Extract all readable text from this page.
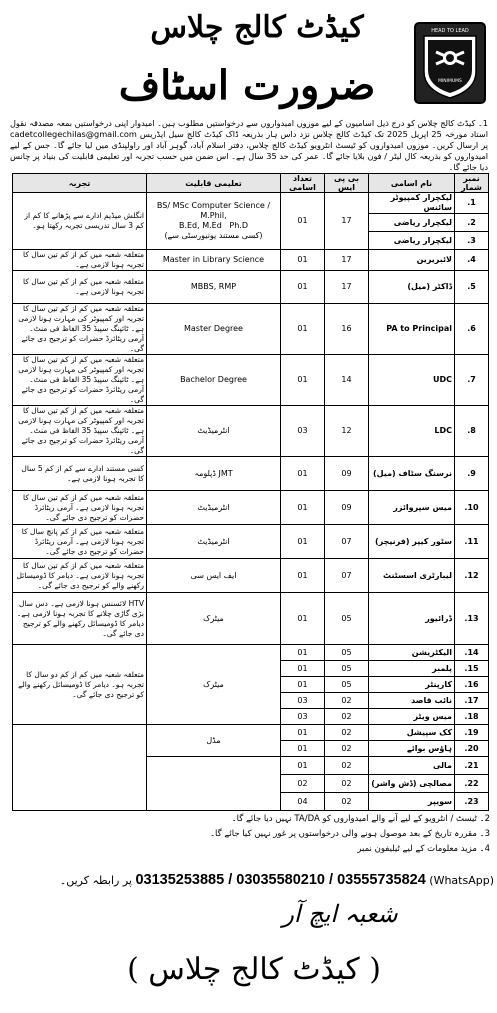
کیڈٹ کالج چلاس
ضرورت اسٹاف
HEAD TO LEAD
MINIMUMS
1۔ کیڈٹ کالج چلاس کو درج ذیل اسامیوں کے لیے موزوں امیدواروں سے درخواستیں مطلوب ہیں۔ امیدوار اپنی درخواستیں بمعہ مصدقہ نقول اسناد مورخہ 25 اپریل 2025 تک کیڈٹ کالج چلاس نزد داس ہار بذریعہ ڈاک کیڈٹ کالج سیل ایڈریس cadetcollegechilas@gmail.com پر ارسال کریں۔ موزوں امیدواروں کو ٹیسٹ انٹرویو کیڈٹ کالج چلاس، دفتر اسلام آباد، گوہر آباد اور راولپنڈی میں لیا جائے گا۔ جس کے لیے امیدواروں کو بذریعہ کال لیٹر / فون بلایا جائے گا۔ عمر کی حد 35 سال ہے۔ اس ضمن میں حسب تجربہ اور تعلیمی قابلیت کی بنیاد پر چانس دیا جائے گا۔
نمبر شمار	نام اسامی	بی پی ایس	تعداد اسامی	تعلیمی قابلیت	تجربہ
1.	لیکچرار کمپیوٹر سائنس	17	01	BS/ MSc Computer Science / M.Phil,
Ph.D   B.Ed, M.Ed
(کسی مستند یونیورسٹی سے)	انگلش میڈیم ادارے سے پڑھانے کا کم از کم 3 سال تدریسی تجربہ رکھتا ہو۔
2.	لیکچرار ریاضی				
3.	لیکچرار ریاضی				
4.	لائبریرین	17	01	Master in Library Science	متعلقہ شعبہ میں کم از کم تین سال کا تجربہ ہونا لازمی ہے۔
5.	ڈاکٹر (میل)	17	01	MBBS, RMP	متعلقہ شعبہ میں کم از کم تین سال کا تجربہ ہونا لازمی ہے۔
6.	PA to Principal	16	01	Master Degree	متعلقہ شعبہ میں کم از کم تین سال کا تجربہ اور کمپیوٹر کی مہارت ہونا لازمی ہے۔ ٹائپنگ سپیڈ 35 الفاظ فی منٹ۔ آرمی ریٹائرڈ حضرات کو ترجیح دی جائے گی۔
7.	UDC	14	01	Bachelor Degree	متعلقہ شعبہ میں کم از کم تین سال کا تجربہ اور کمپیوٹر کی مہارت ہونا لازمی ہے۔ ٹائپنگ سپیڈ 35 الفاظ فی منٹ۔ آرمی ریٹائرڈ حضرات کو ترجیح دی جائے گی۔
8.	LDC	12	03	انٹرمیڈیٹ	متعلقہ شعبہ میں کم از کم تین سال کا تجربہ اور کمپیوٹر کی مہارت ہونا لازمی ہے۔ ٹائپنگ سپیڈ 35 الفاظ فی منٹ۔ آرمی ریٹائرڈ حضرات کو ترجیح دی جائے گی۔
9.	نرسنگ سٹاف (میل)	09	01	JMT ڈپلومہ	کسی مستند ادارے سے کم از کم 5 سال کا تجربہ ہونا لازمی ہے۔
10.	میس سپروائزر	09	01	انٹرمیڈیٹ	متعلقہ شعبہ میں کم از کم تین سال کا تجربہ ہونا لازمی ہے۔ آرمی ریٹائرڈ حضرات کو ترجیح دی جائے گی۔
11.	سٹور کیپر (فرنیچر)	07	01	انٹرمیڈیٹ	متعلقہ شعبہ میں کم از کم پانچ سال کا تجربہ ہونا لازمی ہے۔ آرمی ریٹائرڈ حضرات کو ترجیح دی جائے گی۔
12.	لیبارٹری اسسٹنٹ	07	01	ایف ایس سی	متعلقہ شعبہ میں کم از کم تین سال کا تجربہ ہونا لازمی ہے۔ دیامر کا ڈومیسائل رکھنے والے کو ترجیح دی جائے گی۔
13.	ڈرائیور	05	01	میٹرک	HTV لائسنس ہونا لازمی ہے۔ دس سال بڑی گاڑی چلانے کا تجربہ ہونا لازمی ہے۔ دیامر کا ڈومیسائل رکھنے والے کو ترجیح دی جائے گی۔
14.	الیکٹریشن	05	01	میٹرک	متعلقہ شعبہ میں کم از کم دو سال کا تجربہ ہو۔ دیامر کا ڈومیسائل رکھنے والے کو ترجیح دی جائے گی۔
15.	پلمبر	05	01		
16.	کارپنٹر	05	01		
17.	نائب قاصد	02	03		
18.	میس ویٹر	02	03		
19.	کک سپیشل	02	01	مڈل	
20.	ہاؤس بوائے	02	01		
21.	مالی	02	01		
22.	مصالچی (ڈش واشر)	02	02		
23.	سویپر	02	04		
2۔ ٹیسٹ / انٹرویو کے لیے آنے والے امیدواروں کو TA/DA نہیں دیا جائے گا۔
3۔ مقررہ تاریخ کے بعد موصول ہونے والی درخواستوں پر غور نہیں کیا جائے گا۔
4۔ مزید معلومات کے لیے ٹیلیفون نمبر
03135253885 / 03035580210 / 03555735824 (WhatsApp) پر رابطہ کریں۔
شعبہ ایچ آر
( کیڈٹ کالج چلاس )
